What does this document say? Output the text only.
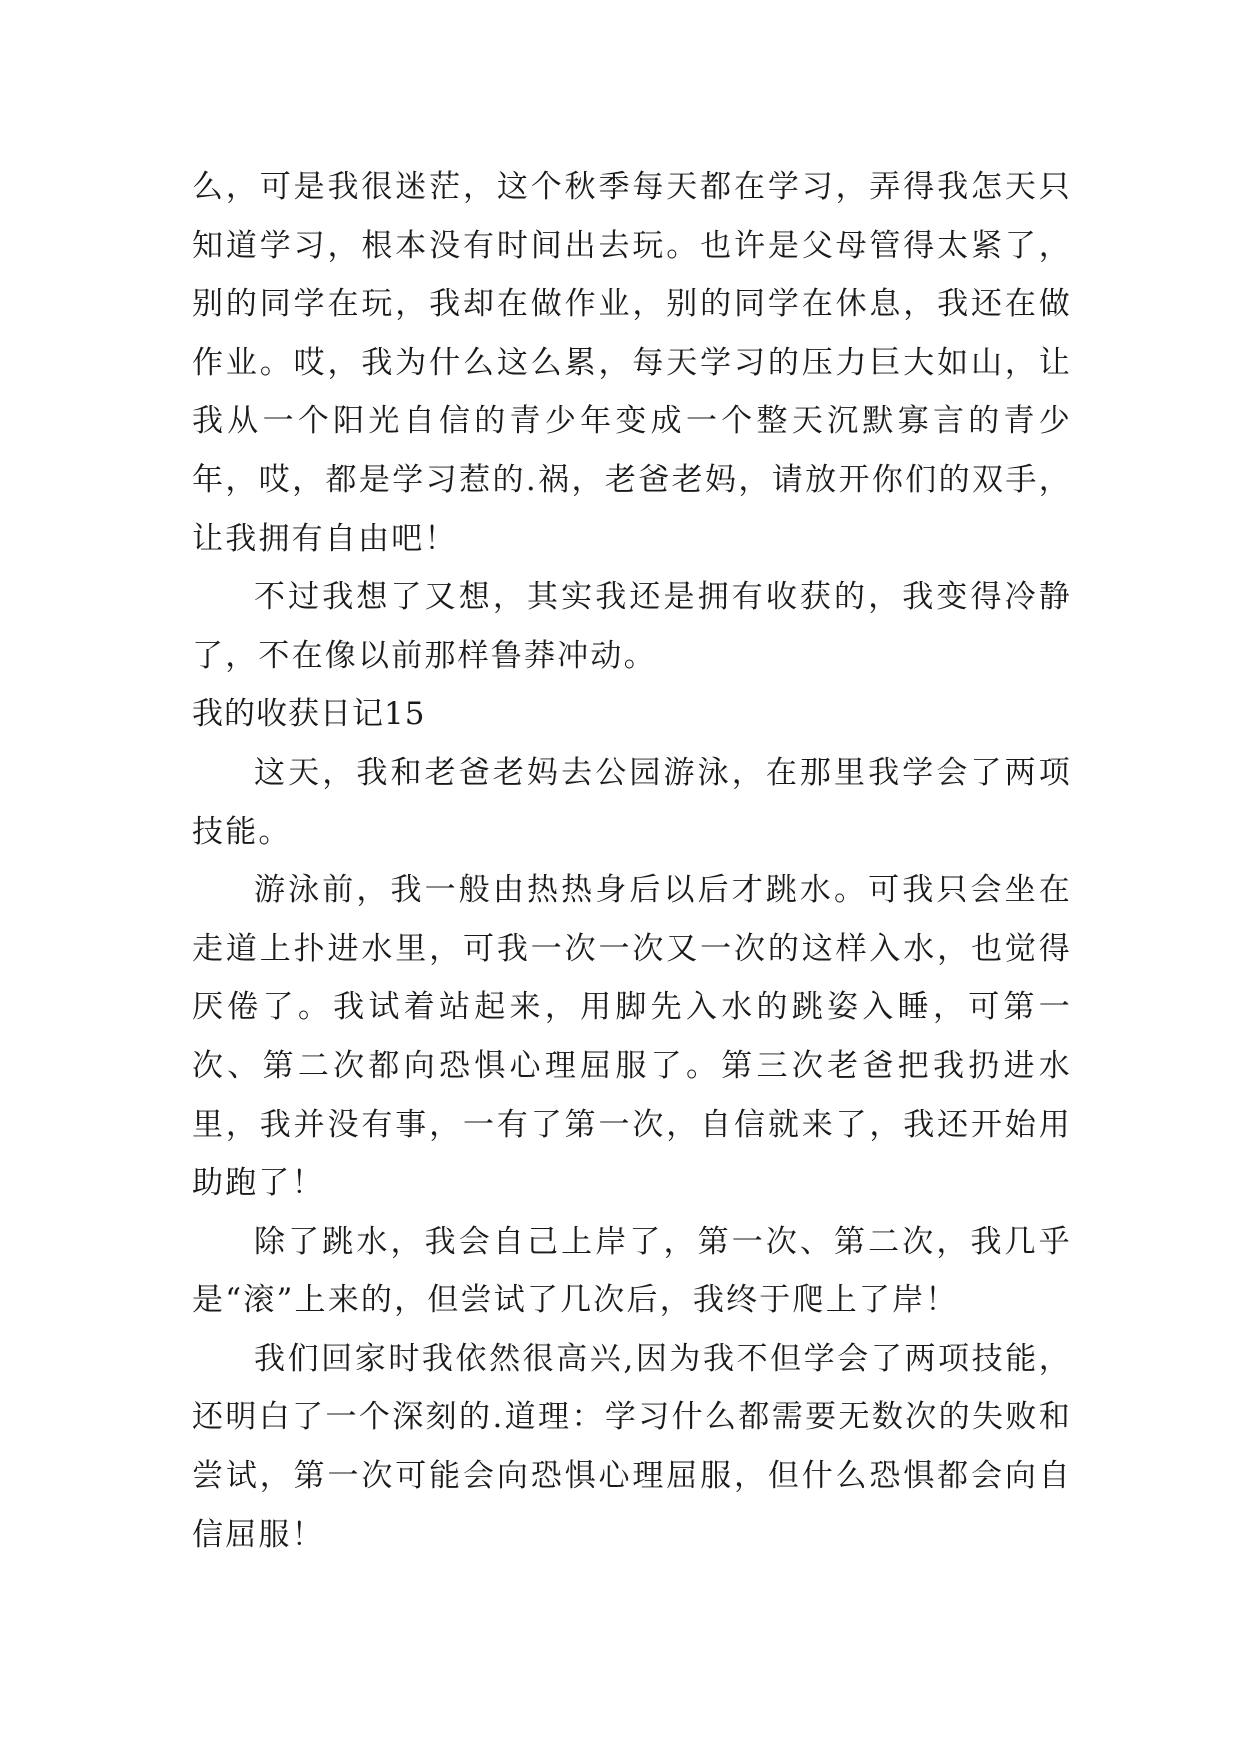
么，可是我很迷茫，这个秋季每天都在学习，弄得我怎天只知道学习，根本没有时间出去玩。也许是父母管得太紧了，别的同学在玩，我却在做作业，别的同学在休息，我还在做作业。哎，我为什么这么累，每天学习的压力巨大如山，让我从一个阳光自信的青少年变成一个整天沉默寡言的青少年，哎，都是学习惹的.祸，老爸老妈，请放开你们的双手，让我拥有自由吧！

不过我想了又想，其实我还是拥有收获的，我变得冷静了，不在像以前那样鲁莽冲动。

我的收获日记15

这天，我和老爸老妈去公园游泳，在那里我学会了两项技能。

游泳前，我一般由热热身后以后才跳水。可我只会坐在走道上扑进水里，可我一次一次又一次的这样入水，也觉得厌倦了。我试着站起来，用脚先入水的跳姿入睡，可第一次、第二次都向恐惧心理屈服了。第三次老爸把我扔进水里，我并没有事，一有了第一次，自信就来了，我还开始用助跑了！

除了跳水，我会自己上岸了，第一次、第二次，我几乎是“滚”上来的，但尝试了几次后，我终于爬上了岸！

我们回家时我依然很高兴,因为我不但学会了两项技能，还明白了一个深刻的.道理：学习什么都需要无数次的失败和尝试，第一次可能会向恐惧心理屈服，但什么恐惧都会向自信屈服！
